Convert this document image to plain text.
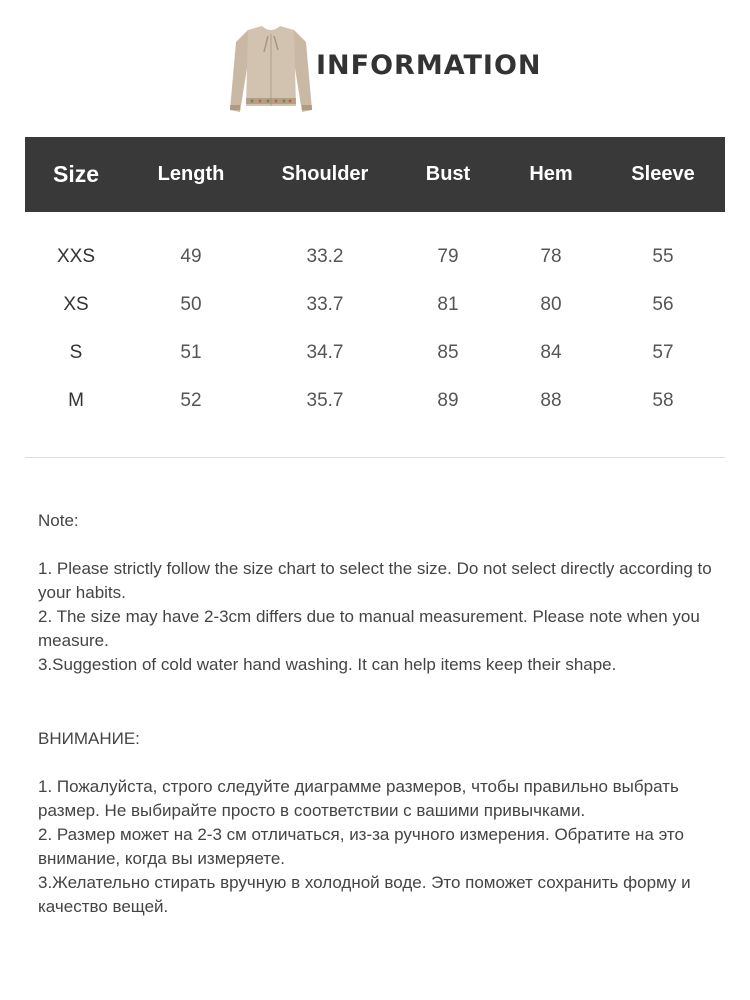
INFORMATION
Size	Length	Shoulder	Bust	Hem	Sleeve
XXS	49	33.2	79	78	55
XS	50	33.7	81	80	56
S	51	34.7	85	84	57
M	52	35.7	89	88	58

Note:

1. Please strictly follow the size chart to select the size. Do not select directly according to your habits.

2. The size may have 2-3cm differs due to manual measurement. Please note when you measure.

3.Suggestion of cold water hand washing. It can help items keep their shape.

ВНИМАНИЕ:

1. Пожалуйста, строго следуйте диаграмме размеров, чтобы правильно выбрать размер. Не выбирайте просто в соответствии с вашими привычками.

2. Размер может на 2-3 см отличаться, из-за ручного измерения. Обратите на это внимание, когда вы измеряете.

3.Желательно стирать вручную в холодной воде. Это поможет сохранить форму и качество вещей.
